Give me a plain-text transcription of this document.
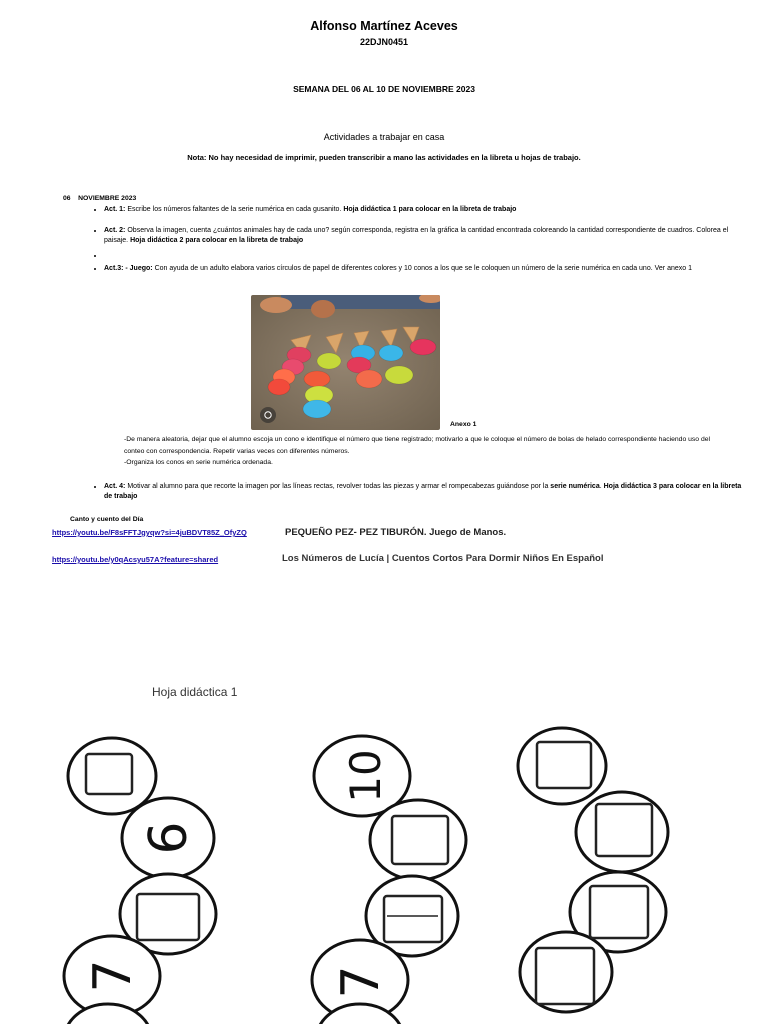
Alfonso Martínez Aceves
22DJN0451
SEMANA DEL 06 AL 10 DE NOVIEMBRE 2023
Actividades a trabajar en casa
Nota: No hay necesidad de imprimir, pueden transcribir a mano las actividades en la libreta u hojas de trabajo.
06    NOVIEMBRE 2023
• Act. 1: Escribe los números faltantes de la serie numérica en cada gusanito. Hoja didáctica 1 para colocar en la libreta de trabajo
• Act. 2: Observa la imagen, cuenta ¿cuántos animales hay de cada uno? según corresponda, registra en la gráfica la cantidad encontrada coloreando la cantidad correspondiente de cuadros. Colorea el paisaje. Hoja didáctica 2 para colocar en la libreta de trabajo
•
• Act.3: - Juego: Con ayuda de un adulto elabora varios círculos de papel de diferentes colores y 10 conos a los que se le coloquen un número de la serie numérica en cada uno. Ver anexo 1
Anexo 1
-De manera aleatoria, dejar que el alumno escoja un cono e identifique el número que tiene registrado; motivarlo a que le coloque el número de bolas de helado correspondiente haciendo uso del conteo con correspondencia. Repetir varias veces con diferentes números.
-Organiza los conos en serie numérica ordenada.
• Act. 4: Motivar al alumno para que recorte la imagen por las líneas rectas, revolver todas las piezas y armar el rompecabezas guiándose por la serie numérica. Hoja didáctica 3 para colocar en la libreta de trabajo
Canto y cuento del Día
https://youtu.be/F8sFFTJgyqw?si=4juBDVT85Z_OfyZQ	PEQUEÑO PEZ- PEZ TIBURÓN. Juego de Manos.
https://youtu.be/y0qAcsyu57A?feature=shared	Los Números de Lucía | Cuentos Cortos Para Dormir Niños En Español
Hoja didáctica 1
6
7
10
7
